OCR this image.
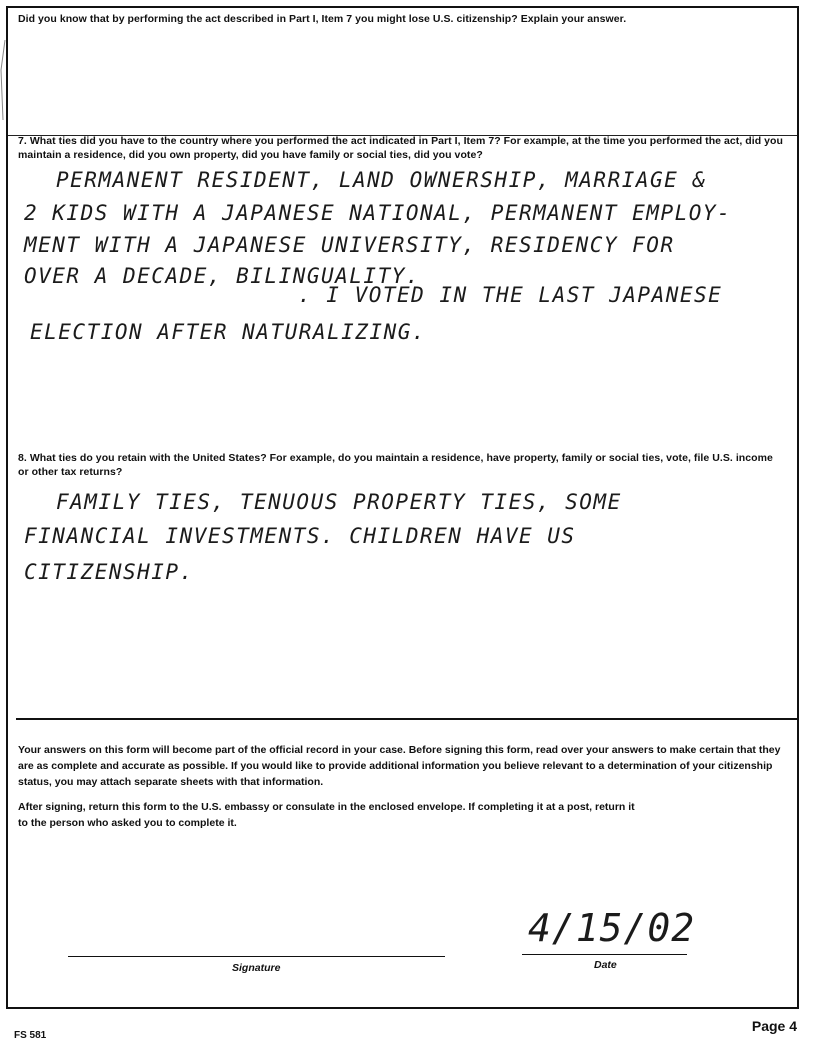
Did you know that by performing the act described in Part I, Item 7 you might lose U.S. citizenship? Explain your answer.
7. What ties did you have to the country where you performed the act indicated in Part I, Item 7? For example, at the time you performed the act, did you maintain a residence, did you own property, did you have family or social ties, did you vote?
PERMANENT RESIDENT, LAND OWNERSHIP, MARRIAGE &
2 KIDS WITH A JAPANESE NATIONAL, PERMANENT EMPLOY-
MENT WITH A JAPANESE UNIVERSITY, RESIDENCY FOR
OVER A DECADE, BILINGUALITY.
. I VOTED IN THE LAST JAPANESE
ELECTION AFTER NATURALIZING.
8. What ties do you retain with the United States? For example, do you maintain a residence, have property, family or social ties, vote, file U.S. income or other tax returns?
FAMILY TIES, TENUOUS PROPERTY TIES, SOME
FINANCIAL INVESTMENTS. CHILDREN HAVE US
CITIZENSHIP.
Your answers on this form will become part of the official record in your case. Before signing this form, read over your answers to make certain that they are as complete and accurate as possible. If you would like to provide additional information you believe relevant to a determination of your citizenship status, you may attach separate sheets with that information.
After signing, return this form to the U.S. embassy or consulate in the enclosed envelope. If completing it at a post, return it to the person who asked you to complete it.
Signature
4/15/02
Date
FS 581
Page 4
